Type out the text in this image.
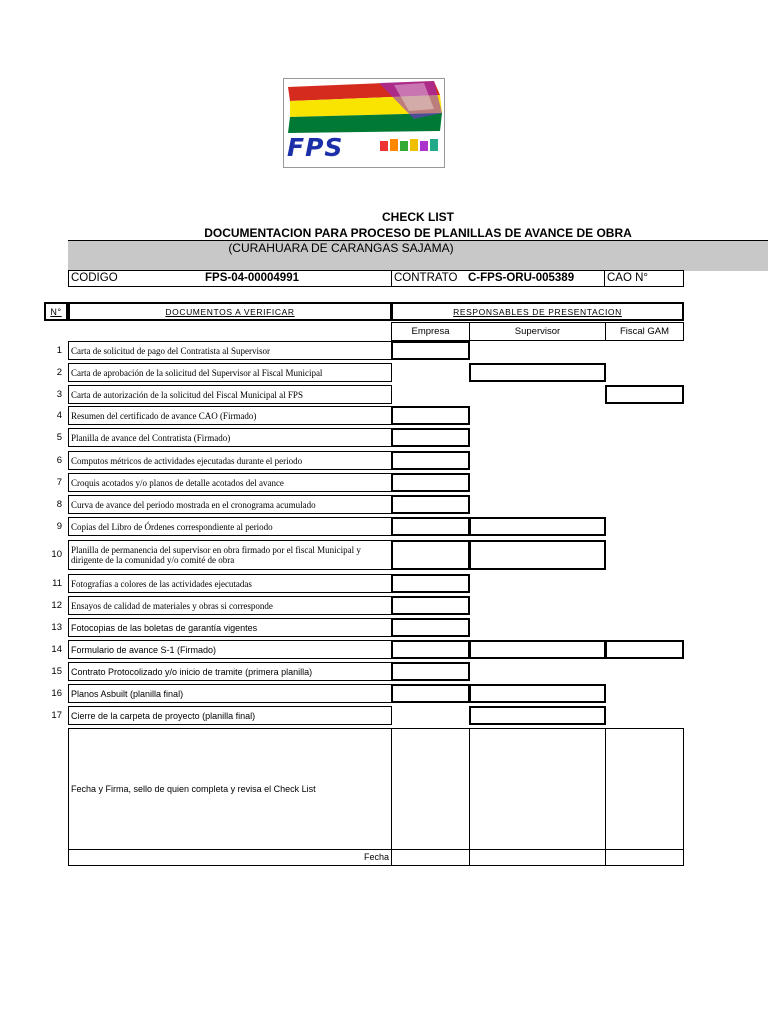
FPS
CHECK LIST
DOCUMENTACION PARA PROCESO DE PLANILLAS DE AVANCE DE OBRA
(CURAHUARA DE CARANGAS SAJAMA)
CODIGO	FPS-04-00004991	CONTRATO C-FPS-ORU-005389	CAO N°
N°	DOCUMENTOS A VERIFICAR	RESPONSABLES DE PRESENTACION
Empresa	Supervisor	Fiscal GAM
1	Carta de solicitud de pago del Contratista al Supervisor
2	Carta de aprobación de la solicitud del Supervisor al Fiscal Municipal
3	Carta de autorización de la solicitud del Fiscal Municipal al FPS
4	Resumen del certificado de avance CAO (Firmado)
5	Planilla de avance del Contratista (Firmado)
6	Computos métricos de actividades ejecutadas durante el periodo
7	Croquis acotados y/o planos de detalle acotados del avance
8	Curva de avance del periodo mostrada en el cronograma acumulado
9	Copias del Libro de Órdenes correspondiente al periodo
10	Planilla de permanencia del supervisor en obra firmado por el fiscal Municipal y dirigente de la comunidad y/o comité de obra
11	Fotografías a colores de las actividades ejecutadas
12	Ensayos de calidad de materiales y obras si corresponde
13	Fotocopias de las boletas de garantía vigentes
14	Formulario de avance S-1 (Firmado)
15	Contrato Protocolizado y/o inicio de tramite (primera planilla)
16	Planos Asbuilt (planilla final)
17	Cierre de la carpeta de proyecto (planilla final)
Fecha y Firma, sello de quien completa y revisa el Check List
Fecha
